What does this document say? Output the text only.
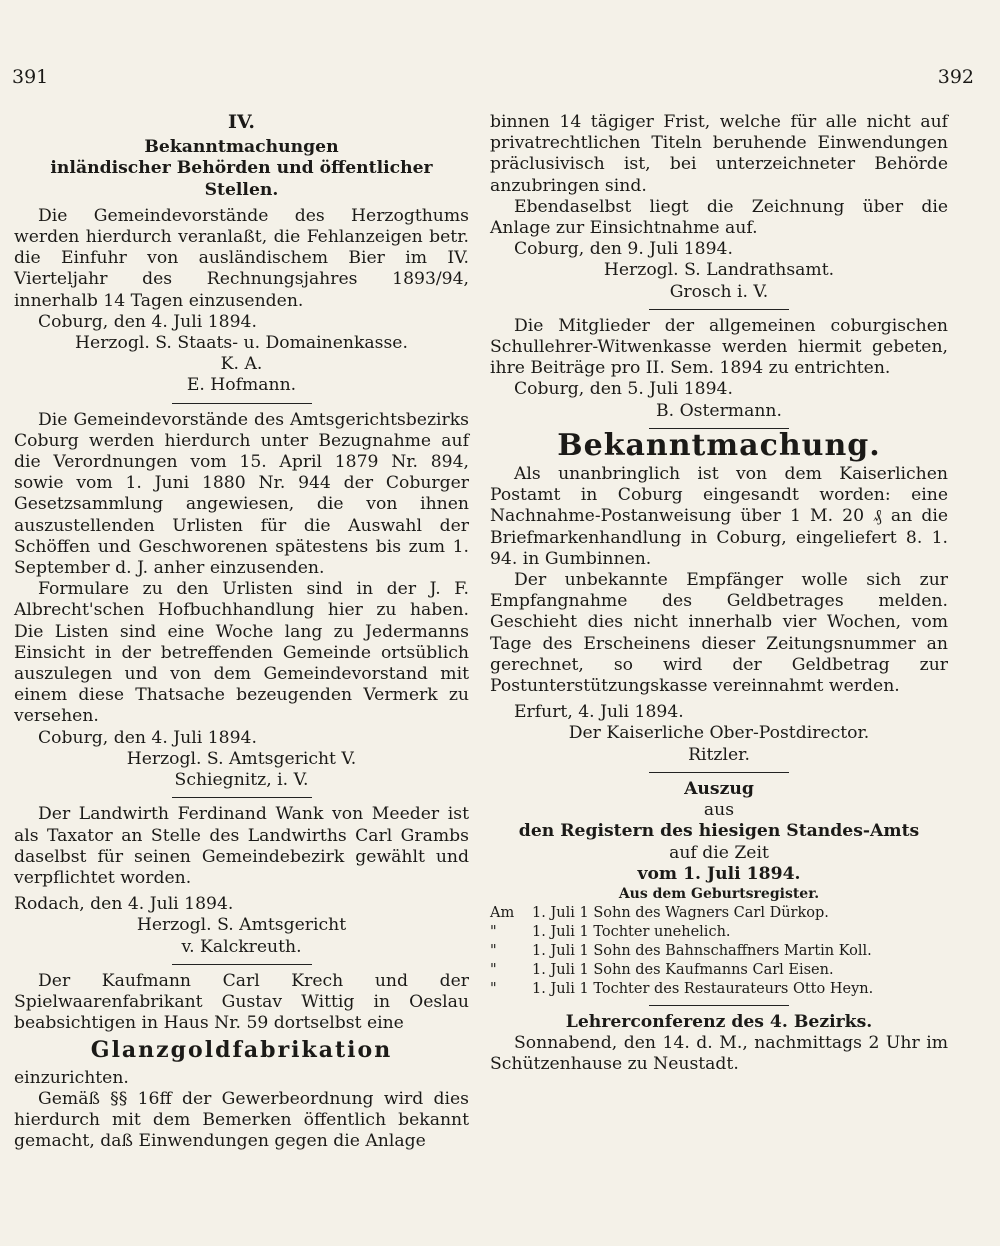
391	392
IV.
Bekanntmachungen
inländischer Behörden und öffentlicher Stellen.

Die Gemeindevorstände des Herzogthums werden hierdurch veranlaßt, die Fehlanzeigen betr. die Einfuhr von ausländischem Bier im IV. Vierteljahr des Rechnungsjahres 1893/94, innerhalb 14 Tagen einzusenden.

Coburg, den 4. Juli 1894.

Herzogl. S. Staats- u. Domainenkasse.

K. A.

E. Hofmann.

Die Gemeindevorstände des Amtsgerichtsbezirks Coburg werden hierdurch unter Bezugnahme auf die Verordnungen vom 15. April 1879 Nr. 894, sowie vom 1. Juni 1880 Nr. 944 der Coburger Gesetzsammlung angewiesen, die von ihnen auszustellenden Urlisten für die Auswahl der Schöffen und Geschworenen spätestens bis zum 1. September d. J. anher einzusenden.

Formulare zu den Urlisten sind in der J. F. Albrecht'schen Hofbuchhandlung hier zu haben. Die Listen sind eine Woche lang zu Jedermanns Einsicht in der betreffenden Gemeinde ortsüblich auszulegen und von dem Gemeindevorstand mit einem diese Thatsache bezeugenden Vermerk zu versehen.

Coburg, den 4. Juli 1894.

Herzogl. S. Amtsgericht V.

Schiegnitz, i. V.

Der Landwirth Ferdinand Wank von Meeder ist als Taxator an Stelle des Landwirths Carl Grambs daselbst für seinen Gemeindebezirk gewählt und verpflichtet worden.

Rodach, den 4. Juli 1894.

Herzogl. S. Amtsgericht

v. Kalckreuth.

Der Kaufmann Carl Krech und der Spielwaarenfabrikant Gustav Wittig in Oeslau beabsichtigen in Haus Nr. 59 dortselbst eine

Glanzgoldfabrikation

einzurichten.

Gemäß §§ 16ff der Gewerbeordnung wird dies hierdurch mit dem Bemerken öffentlich bekannt gemacht, daß Einwendungen gegen die Anlage

binnen 14 tägiger Frist, welche für alle nicht auf privatrechtlichen Titeln beruhende Einwendungen präclusivisch ist, bei unterzeichneter Behörde anzubringen sind.

Ebendaselbst liegt die Zeichnung über die Anlage zur Einsichtnahme auf.

Coburg, den 9. Juli 1894.

Herzogl. S. Landrathsamt.

Grosch i. V.

Die Mitglieder der allgemeinen coburgischen Schullehrer-Witwenkasse werden hiermit gebeten, ihre Beiträge pro II. Sem. 1894 zu entrichten.

Coburg, den 5. Juli 1894.

B. Ostermann.

Bekanntmachung.

Als unanbringlich ist von dem Kaiserlichen Postamt in Coburg eingesandt worden: eine Nachnahme-Postanweisung über 1 M. 20 ₰ an die Briefmarkenhandlung in Coburg, eingeliefert 8. 1. 94. in Gumbinnen.

Der unbekannte Empfänger wolle sich zur Empfangnahme des Geldbetrages melden. Geschieht dies nicht innerhalb vier Wochen, vom Tage des Erscheinens dieser Zeitungsnummer an gerechnet, so wird der Geldbetrag zur Postunterstützungskasse vereinnahmt werden.

Erfurt, 4. Juli 1894.

Der Kaiserliche Ober-Postdirector.

Ritzler.

Auszug

aus

den Registern des hiesigen Standes-Amts

auf die Zeit

vom 1. Juli 1894.

Aus dem Geburtsregister.

Am	1. Juli 1 Sohn des Wagners Carl Dürkop.
"	1. Juli 1 Tochter unehelich.
"	1. Juli 1 Sohn des Bahnschaffners Martin Koll.
"	1. Juli 1 Sohn des Kaufmanns Carl Eisen.
"	1. Juli 1 Tochter des Restaurateurs Otto Heyn.

Lehrerconferenz des 4. Bezirks.

Sonnabend, den 14. d. M., nachmittags 2 Uhr im Schützenhause zu Neustadt.
